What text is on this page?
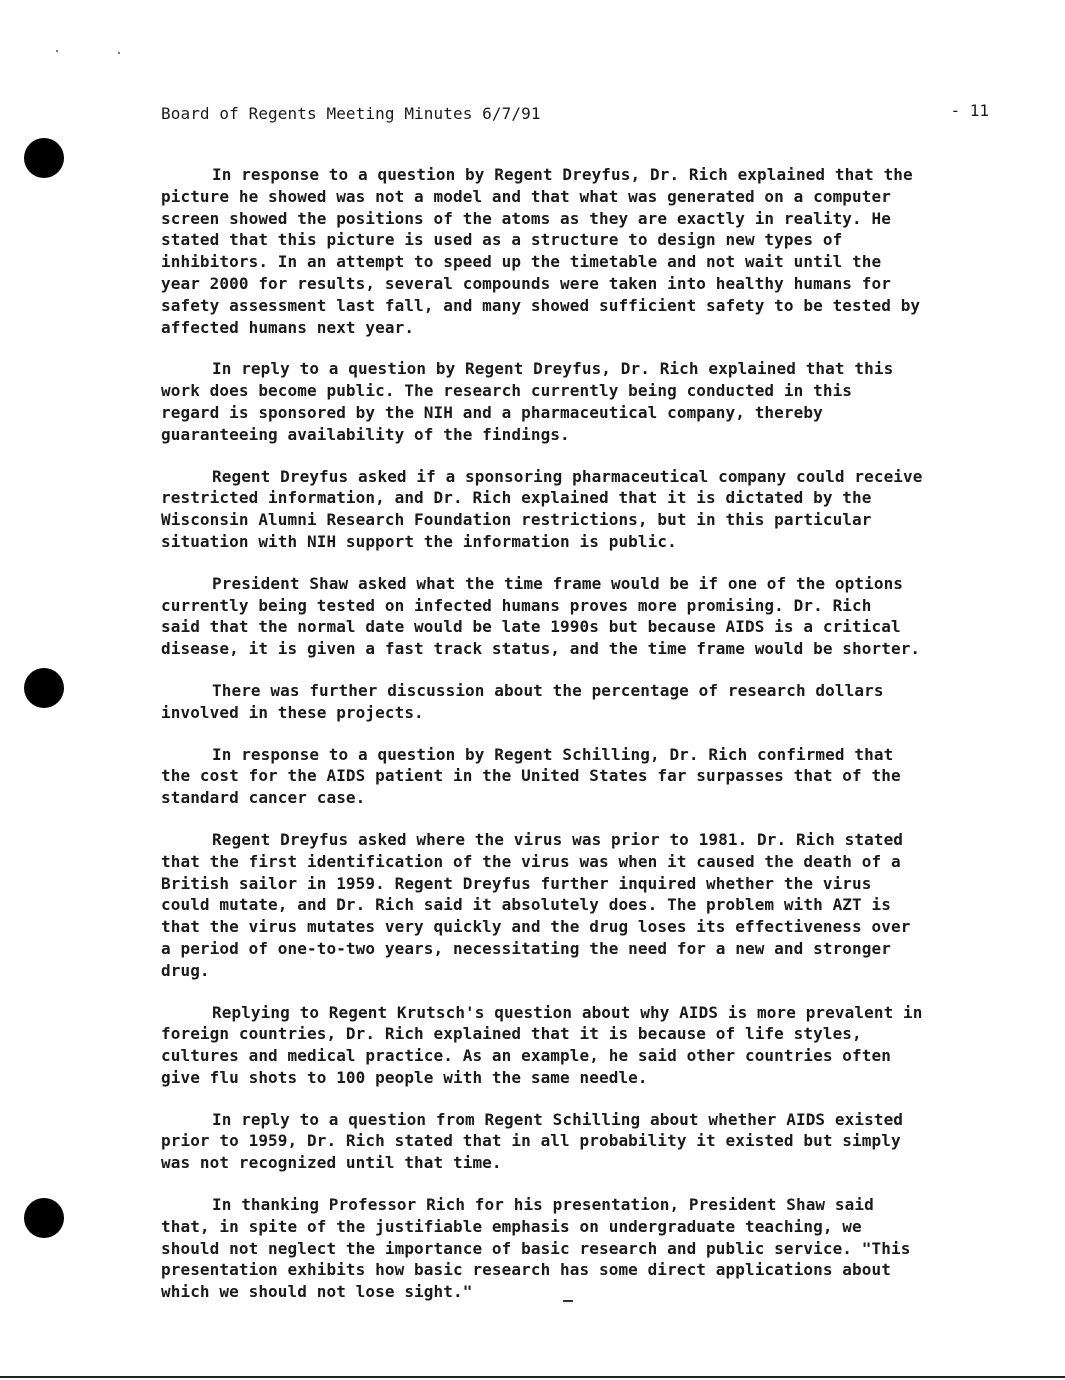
Board of Regents Meeting Minutes 6/7/91	- 11

In response to a question by Regent Dreyfus, Dr. Rich explained that the
picture he showed was not a model and that what was generated on a computer
screen showed the positions of the atoms as they are exactly in reality. He
stated that this picture is used as a structure to design new types of
inhibitors. In an attempt to speed up the timetable and not wait until the
year 2000 for results, several compounds were taken into healthy humans for
safety assessment last fall, and many showed sufficient safety to be tested by
affected humans next year.

In reply to a question by Regent Dreyfus, Dr. Rich explained that this
work does become public. The research currently being conducted in this
regard is sponsored by the NIH and a pharmaceutical company, thereby
guaranteeing availability of the findings.

Regent Dreyfus asked if a sponsoring pharmaceutical company could receive
restricted information, and Dr. Rich explained that it is dictated by the
Wisconsin Alumni Research Foundation restrictions, but in this particular
situation with NIH support the information is public.

President Shaw asked what the time frame would be if one of the options
currently being tested on infected humans proves more promising. Dr. Rich
said that the normal date would be late 1990s but because AIDS is a critical
disease, it is given a fast track status, and the time frame would be shorter.

There was further discussion about the percentage of research dollars
involved in these projects.

In response to a question by Regent Schilling, Dr. Rich confirmed that
the cost for the AIDS patient in the United States far surpasses that of the
standard cancer case.

Regent Dreyfus asked where the virus was prior to 1981. Dr. Rich stated
that the first identification of the virus was when it caused the death of a
British sailor in 1959. Regent Dreyfus further inquired whether the virus
could mutate, and Dr. Rich said it absolutely does. The problem with AZT is
that the virus mutates very quickly and the drug loses its effectiveness over
a period of one-to-two years, necessitating the need for a new and stronger
drug.

Replying to Regent Krutsch's question about why AIDS is more prevalent in
foreign countries, Dr. Rich explained that it is because of life styles,
cultures and medical practice. As an example, he said other countries often
give flu shots to 100 people with the same needle.

In reply to a question from Regent Schilling about whether AIDS existed
prior to 1959, Dr. Rich stated that in all probability it existed but simply
was not recognized until that time.

In thanking Professor Rich for his presentation, President Shaw said
that, in spite of the justifiable emphasis on undergraduate teaching, we
should not neglect the importance of basic research and public service. "This
presentation exhibits how basic research has some direct applications about
which we should not lose sight."
